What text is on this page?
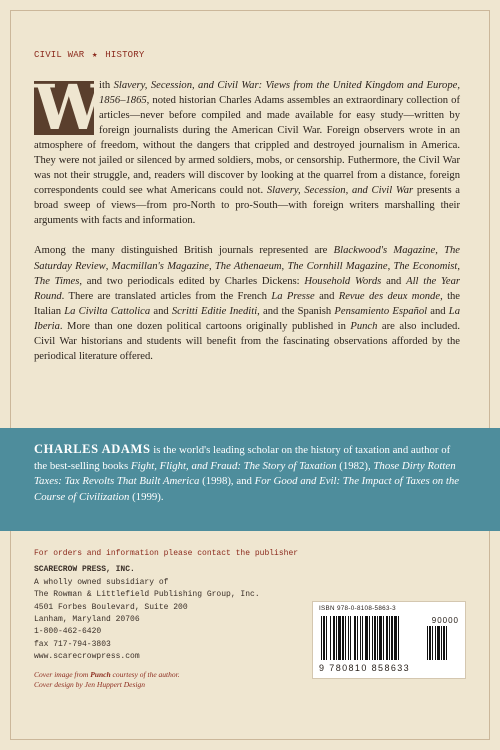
CIVIL WAR ★ HISTORY

W ith Slavery, Secession, and Civil War: Views from the United Kingdom and Europe, 1856–1865, noted historian Charles Adams assembles an extraordinary collection of articles—never before compiled and made available for easy study—written by foreign journalists during the American Civil War. Foreign observers wrote in an atmosphere of freedom, without the dangers that crippled and destroyed journalism in America. They were not jailed or silenced by armed soldiers, mobs, or censorship. Futhermore, the Civil War was not their struggle, and, readers will discover by looking at the quarrel from a distance, foreign correspondents could see what Americans could not. Slavery, Secession, and Civil War presents a broad sweep of views—from pro-North to pro-South—with foreign writers marshalling their arguments with facts and information.

Among the many distinguished British journals represented are Blackwood's Magazine, The Saturday Review, Macmillan's Magazine, The Athenaeum, The Cornhill Magazine, The Economist, The Times, and two periodicals edited by Charles Dickens: Household Words and All the Year Round. There are translated articles from the French La Presse and Revue des deux monde, the Italian La Civilta Cattolica and Scritti Editie Inediti, and the Spanish Pensamiento Español and La Iberia. More than one dozen political cartoons originally published in Punch are also included. Civil War historians and students will benefit from the fascinating observations afforded by the periodical literature offered.

CHARLES ADAMS is the world's leading scholar on the history of taxation and author of the best-selling books Fight, Flight, and Fraud: The Story of Taxation (1982), Those Dirty Rotten Taxes: Tax Revolts That Built America (1998), and For Good and Evil: The Impact of Taxes on the Course of Civilization (1999).
For orders and information please contact the publisher
SCARECROW PRESS, INC.
A wholly owned subsidiary of
The Rowman & Littlefield Publishing Group, Inc.
4501 Forbes Boulevard, Suite 200
Lanham, Maryland 20706
1-800-462-6420
fax 717-794-3803
www.scarecrowpress.com
Cover image from Punch courtesy of the author.
Cover design by Jen Huppert Design
ISBN 978-0-8108-5863-3
9 780810 858633
90000
